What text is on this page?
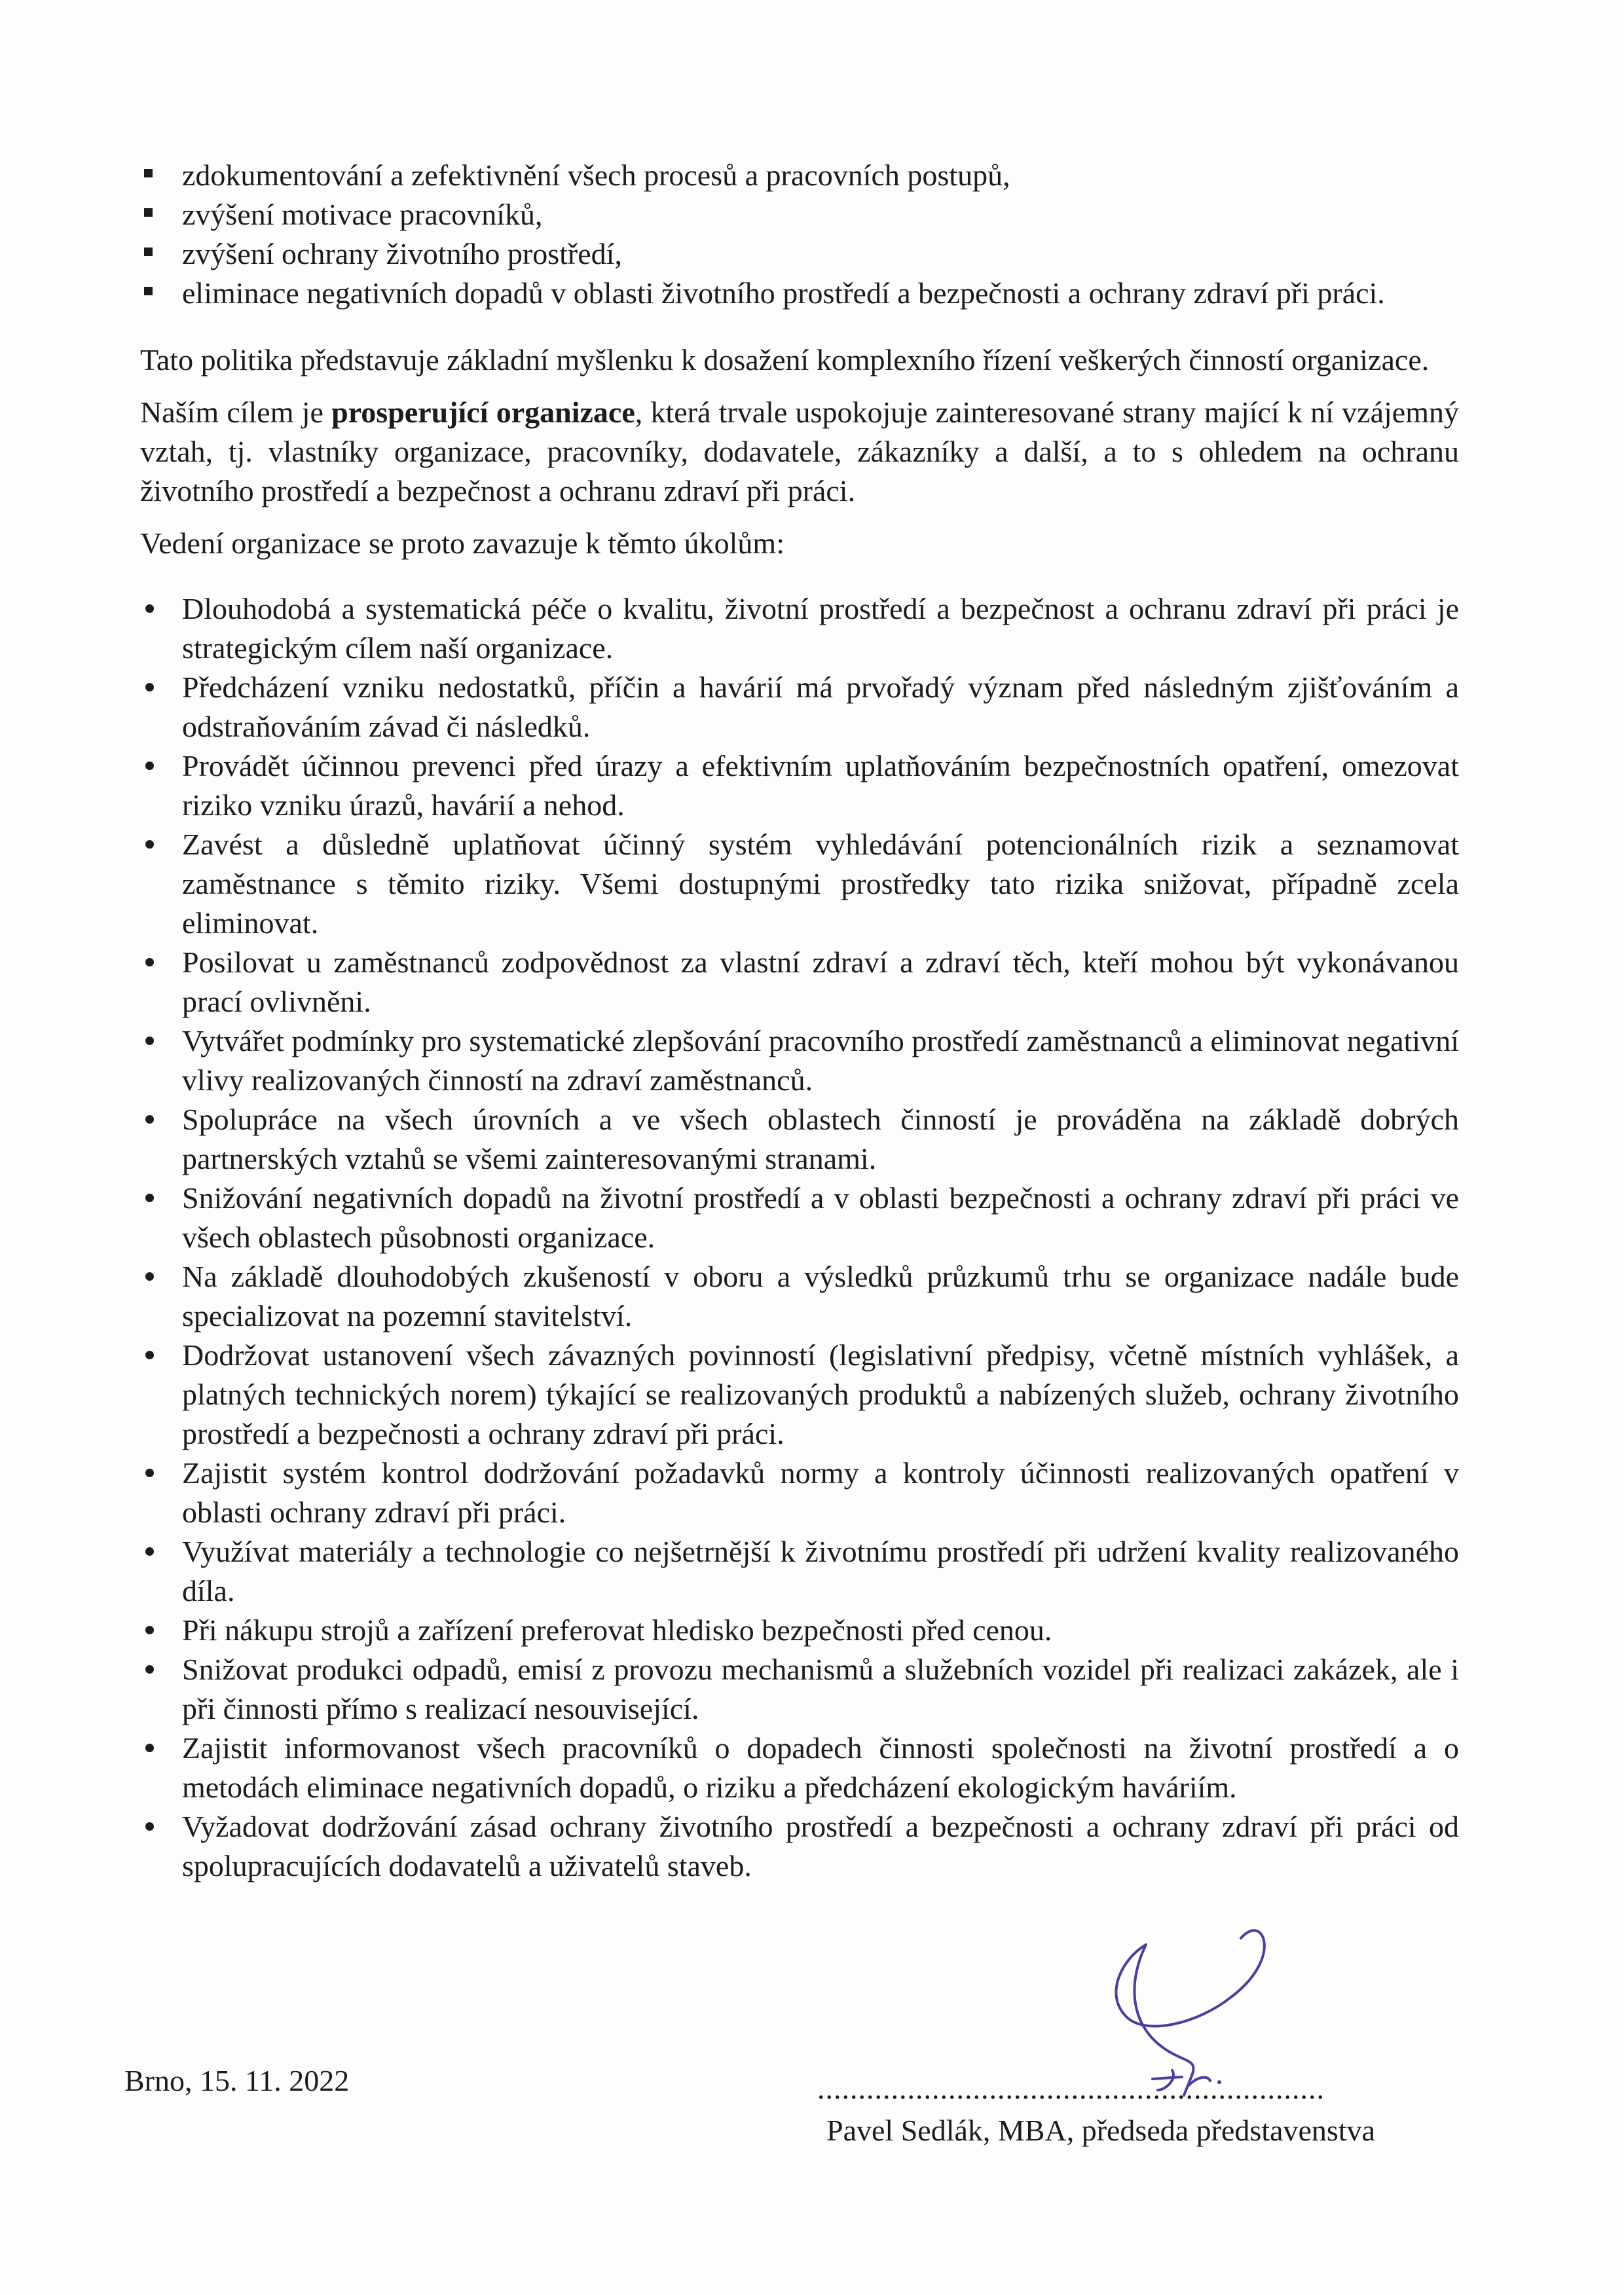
zdokumentování a zefektivnění všech procesů a pracovních postupů,
zvýšení motivace pracovníků,
zvýšení ochrany životního prostředí,
eliminace negativních dopadů v oblasti životního prostředí a bezpečnosti a ochrany zdraví při práci.

Tato politika představuje základní myšlenku k dosažení komplexního řízení veškerých činností organizace.

Naším cílem je prosperující organizace, která trvale uspokojuje zainteresované strany mající k ní vzájemný vztah, tj. vlastníky organizace, pracovníky, dodavatele, zákazníky a další, a to s ohledem na ochranu životního prostředí a bezpečnost a ochranu zdraví při práci.

Vedení organizace se proto zavazuje k těmto úkolům:

Dlouhodobá a systematická péče o kvalitu, životní prostředí a bezpečnost a ochranu zdraví při práci je strategickým cílem naší organizace.
Předcházení vzniku nedostatků, příčin a havárií má prvořadý význam před následným zjišťováním a odstraňováním závad či následků.
Provádět účinnou prevenci před úrazy a efektivním uplatňováním bezpečnostních opatření, omezovat riziko vzniku úrazů, havárií a nehod.
Zavést a důsledně uplatňovat účinný systém vyhledávání potencionálních rizik a seznamovat zaměstnance s těmito riziky. Všemi dostupnými prostředky tato rizika snižovat, případně zcela eliminovat.
Posilovat u zaměstnanců zodpovědnost za vlastní zdraví a zdraví těch, kteří mohou být vykonávanou prací ovlivněni.
Vytvářet podmínky pro systematické zlepšování pracovního prostředí zaměstnanců a eliminovat negativní vlivy realizovaných činností na zdraví zaměstnanců.
Spolupráce na všech úrovních a ve všech oblastech činností je prováděna na základě dobrých partnerských vztahů se všemi zainteresovanými stranami.
Snižování negativních dopadů na životní prostředí a v oblasti bezpečnosti a ochrany zdraví při práci ve všech oblastech působnosti organizace.
Na základě dlouhodobých zkušeností v oboru a výsledků průzkumů trhu se organizace nadále bude specializovat na pozemní stavitelství.
Dodržovat ustanovení všech závazných povinností (legislativní předpisy, včetně místních vyhlášek, a platných technických norem) týkající se realizovaných produktů a nabízených služeb, ochrany životního prostředí a bezpečnosti a ochrany zdraví při práci.
Zajistit systém kontrol dodržování požadavků normy a kontroly účinnosti realizovaných opatření v oblasti ochrany zdraví při práci.
Využívat materiály a technologie co nejšetrnější k životnímu prostředí při udržení kvality realizovaného díla.
Při nákupu strojů a zařízení preferovat hledisko bezpečnosti před cenou.
Snižovat produkci odpadů, emisí z provozu mechanismů a služebních vozidel při realizaci zakázek, ale i při činnosti přímo s realizací nesouvisející.
Zajistit informovanost všech pracovníků o dopadech činnosti společnosti na životní prostředí a o metodách eliminace negativních dopadů, o riziku a předcházení ekologickým haváriím.
Vyžadovat dodržování zásad ochrany životního prostředí a bezpečnosti a ochrany zdraví při práci od spolupracujících dodavatelů a uživatelů staveb.
Brno, 15. 11. 2022	..............................................................
Pavel Sedlák, MBA, předseda představenstva
